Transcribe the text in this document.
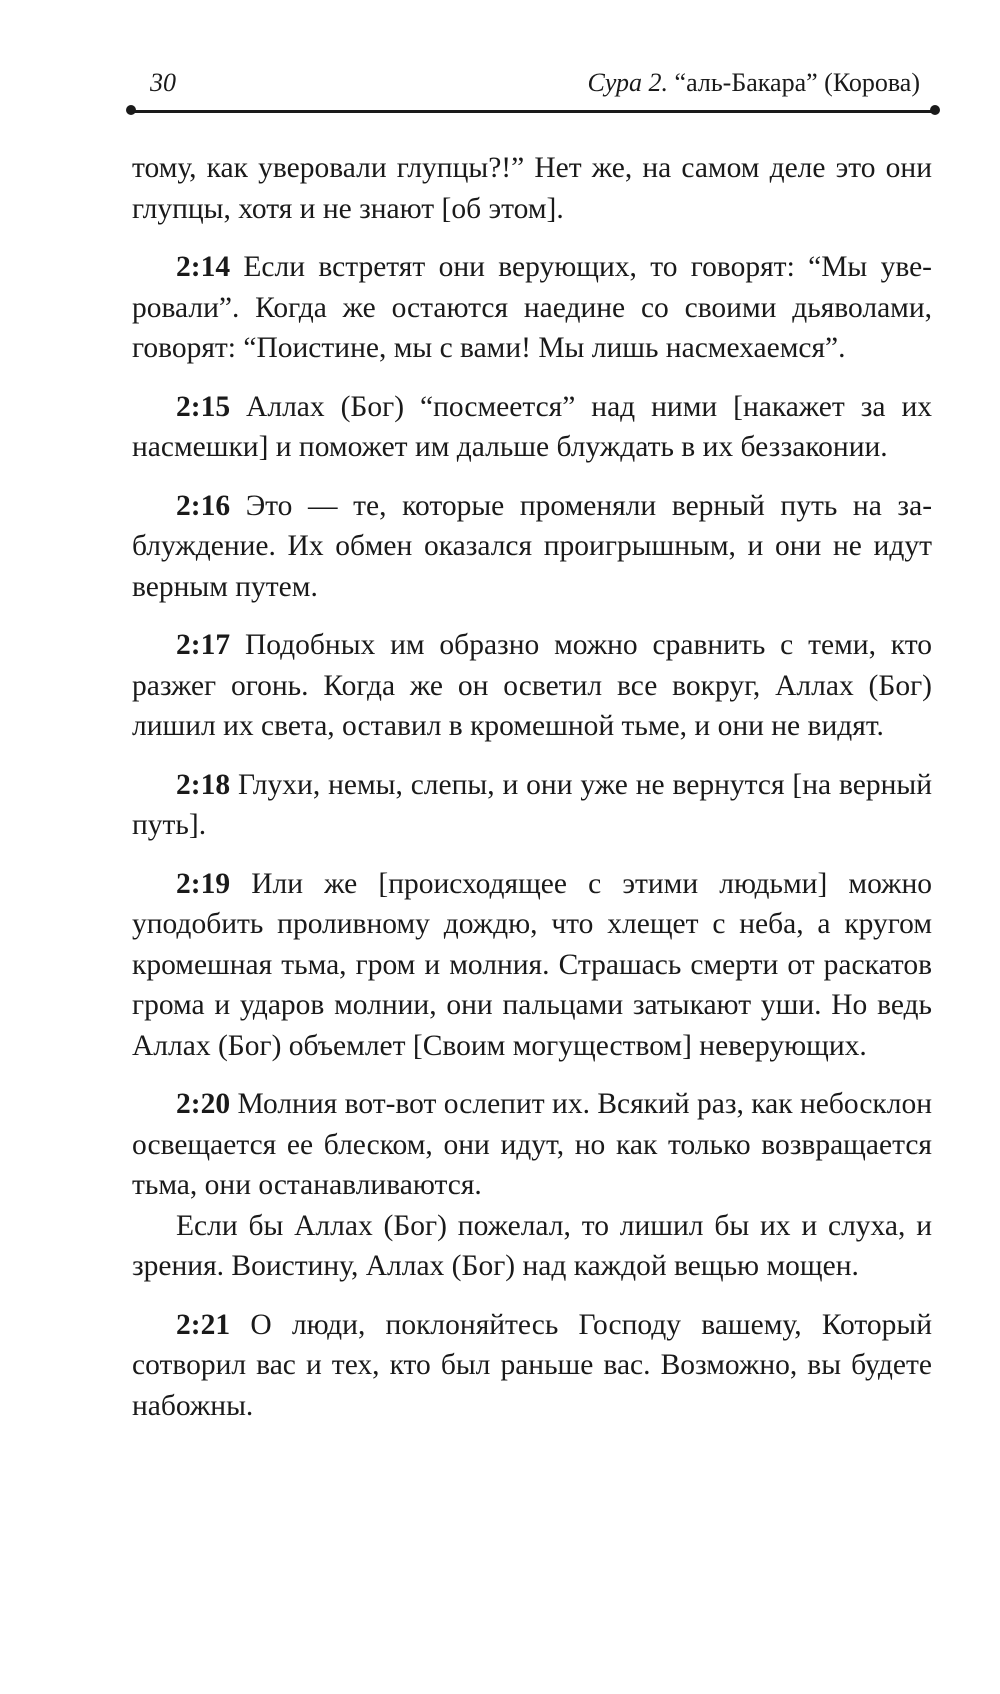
30	Сура 2. “аль-Бакара” (Корова)

тому, как уверовали глупцы?!” Нет же, на самом деле это они глупцы, хотя и не знают [об этом].

2:14 Если встретят они верующих, то говорят: “Мы уверовали”. Когда же остаются наедине со своими дьяволами, говорят: “Поистине, мы с вами! Мы лишь насмехаемся”.

2:15 Аллах (Бог) “посмеется” над ними [накажет за их насмешки] и поможет им дальше блуждать в их беззаконии.

2:16 Это — те, которые променяли верный путь на заблуждение. Их обмен оказался проигрышным, и они не идут верным путем.

2:17 Подобных им образно можно сравнить с теми, кто разжег огонь. Когда же он осветил все вокруг, Аллах (Бог) лишил их света, оставил в кромешной тьме, и они не видят.

2:18 Глухи, немы, слепы, и они уже не вернутся [на верный путь].

2:19 Или же [происходящее с этими людьми] можно уподобить проливному дождю, что хлещет с неба, а кругом кромешная тьма, гром и молния. Страшась смерти от раскатов грома и ударов молнии, они пальцами затыкают уши. Но ведь Аллах (Бог) объемлет [Своим могуществом] неверующих.

2:20 Молния вот-вот ослепит их. Всякий раз, как небосклон освещается ее блеском, они идут, но как только возвращается тьма, они останавливаются.

Если бы Аллах (Бог) пожелал, то лишил бы их и слуха, и зрения. Воистину, Аллах (Бог) над каждой вещью мощен.

2:21 О люди, поклоняйтесь Господу вашему, Который сотворил вас и тех, кто был раньше вас. Возможно, вы будете набожны.
